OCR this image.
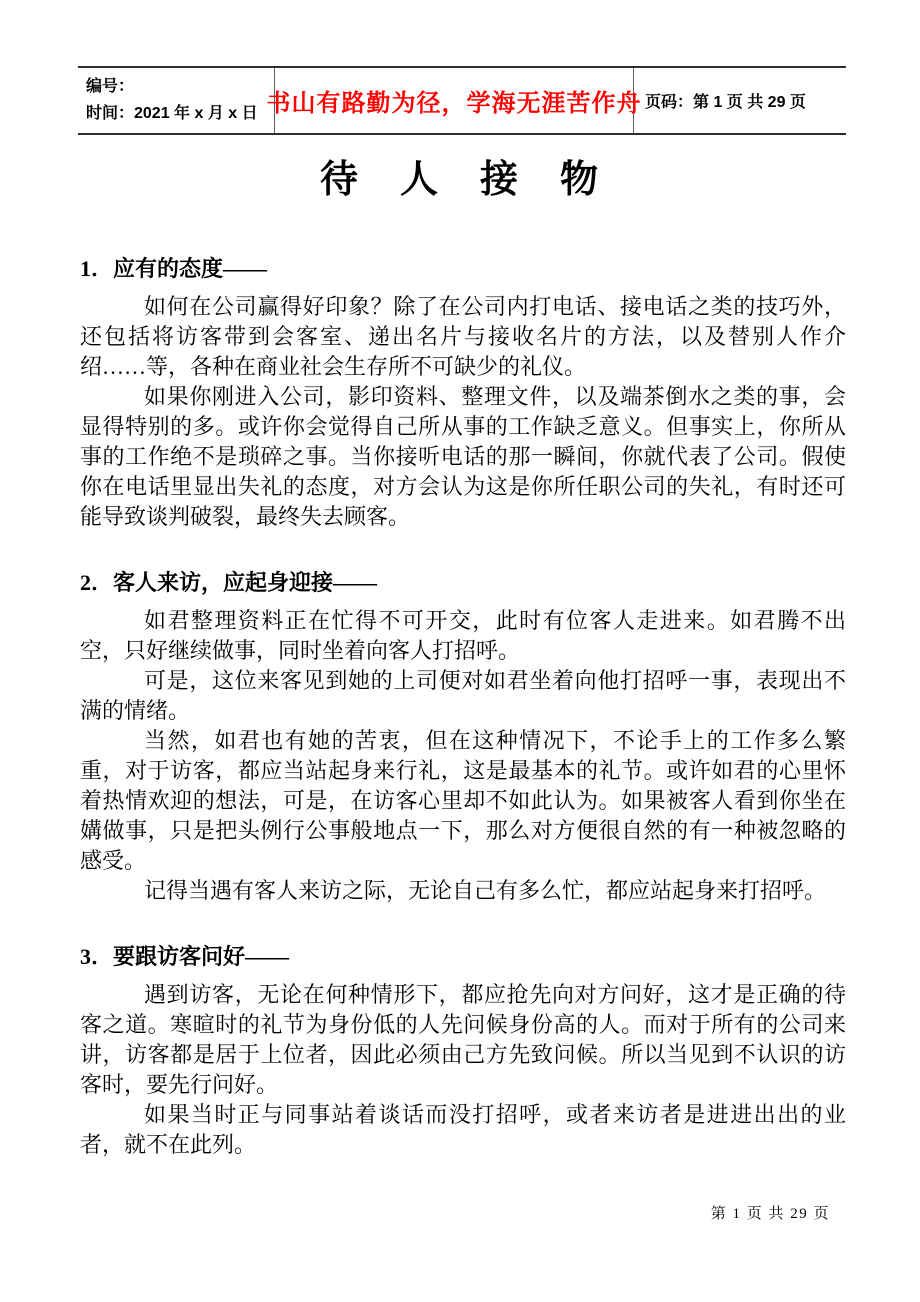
编号：
时间：2021 年 x 月 x 日 书山有路勤为径，学海无涯苦作舟 页码：第 1 页 共 29 页
待　人　接　物
1．应有的态度——

如何在公司赢得好印象？除了在公司内打电话、接电话之类的技巧外，还包括将访客带到会客室、递出名片与接收名片的方法，以及替别人作介绍……等，各种在商业社会生存所不可缺少的礼仪。

如果你刚进入公司，影印资料、整理文件，以及端茶倒水之类的事，会显得特别的多。或许你会觉得自己所从事的工作缺乏意义。但事实上，你所从事的工作绝不是琐碎之事。当你接听电话的那一瞬间，你就代表了公司。假使你在电话里显出失礼的态度，对方会认为这是你所任职公司的失礼，有时还可能导致谈判破裂，最终失去顾客。

2．客人来访，应起身迎接——

如君整理资料正在忙得不可开交，此时有位客人走进来。如君腾不出空，只好继续做事，同时坐着向客人打招呼。

可是，这位来客见到她的上司便对如君坐着向他打招呼一事，表现出不满的情绪。

当然，如君也有她的苦衷，但在这种情况下，不论手上的工作多么繁重，对于访客，都应当站起身来行礼，这是最基本的礼节。或许如君的心里怀着热情欢迎的想法，可是，在访客心里却不如此认为。如果被客人看到你坐在媾做事，只是把头例行公事般地点一下，那么对方便很自然的有一种被忽略的感受。

记得当遇有客人来访之际，无论自己有多么忙，都应站起身来打招呼。

3．要跟访客问好——

遇到访客，无论在何种情形下，都应抢先向对方问好，这才是正确的待客之道。寒暄时的礼节为身份低的人先问候身份高的人。而对于所有的公司来讲，访客都是居于上位者，因此必须由己方先致问候。所以当见到不认识的访客时，要先行问好。

如果当时正与同事站着谈话而没打招呼，或者来访者是进进出出的业者，就不在此列。

第 1 页 共 29 页
